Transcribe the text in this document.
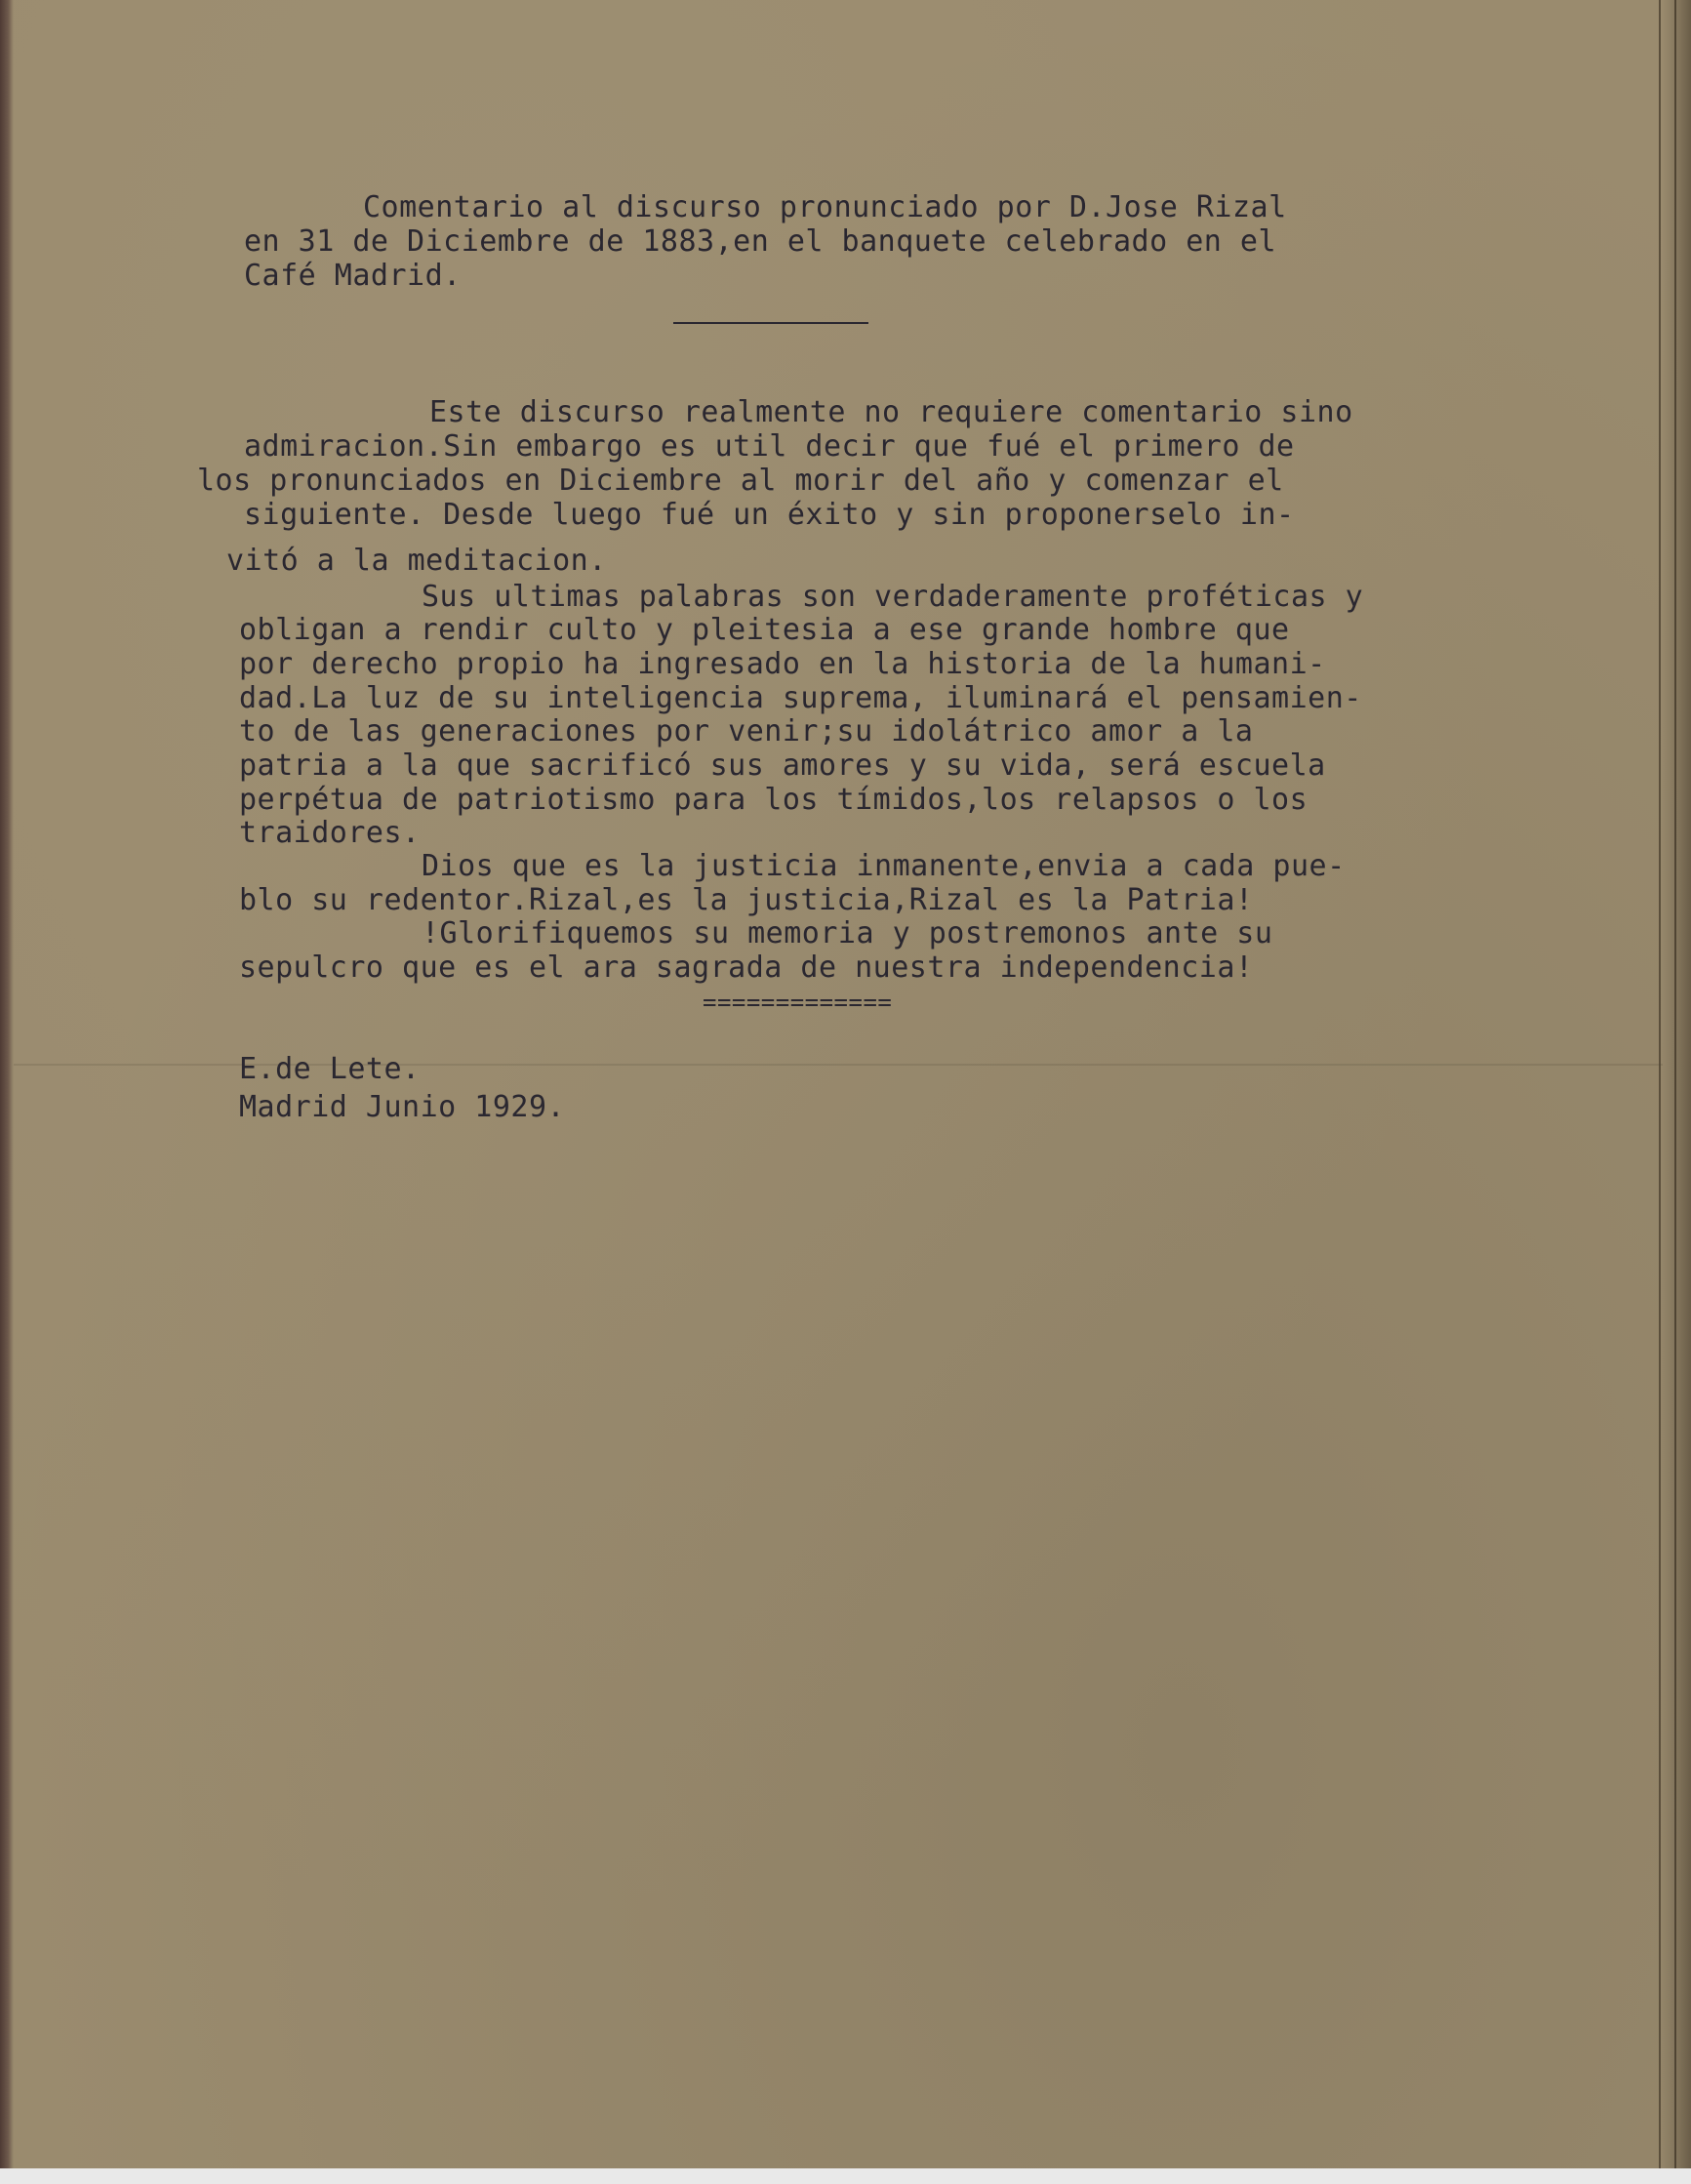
Comentario al discurso pronunciado por D.Jose Rizal
en 31 de Diciembre de 1883,en el banquete celebrado en el
Café Madrid.
Este discurso realmente no requiere comentario sino
admiracion.Sin embargo es util decir que fué el primero de
los pronunciados en Diciembre al morir del año y comenzar el
siguiente. Desde luego fué un éxito y sin proponerselo in-
vitó a la meditacion.
Sus ultimas palabras son verdaderamente proféticas y
obligan a rendir culto y pleitesia a ese grande hombre que
por derecho propio ha ingresado en la historia de la humani-
dad.La luz de su inteligencia suprema, iluminará el pensamien-
to de las generaciones por venir;su idolátrico amor a la
patria a la que sacrificó sus amores y su vida, será escuela
perpétua de patriotismo para los tímidos,los relapsos o los
traidores.
Dios que es la justicia inmanente,envia a cada pue-
blo su redentor.Rizal,es la justicia,Rizal es la Patria!
!Glorifiquemos su memoria y postremonos ante su
sepulcro que es el ara sagrada de nuestra independencia!
=============
E.de Lete.
Madrid Junio 1929.
